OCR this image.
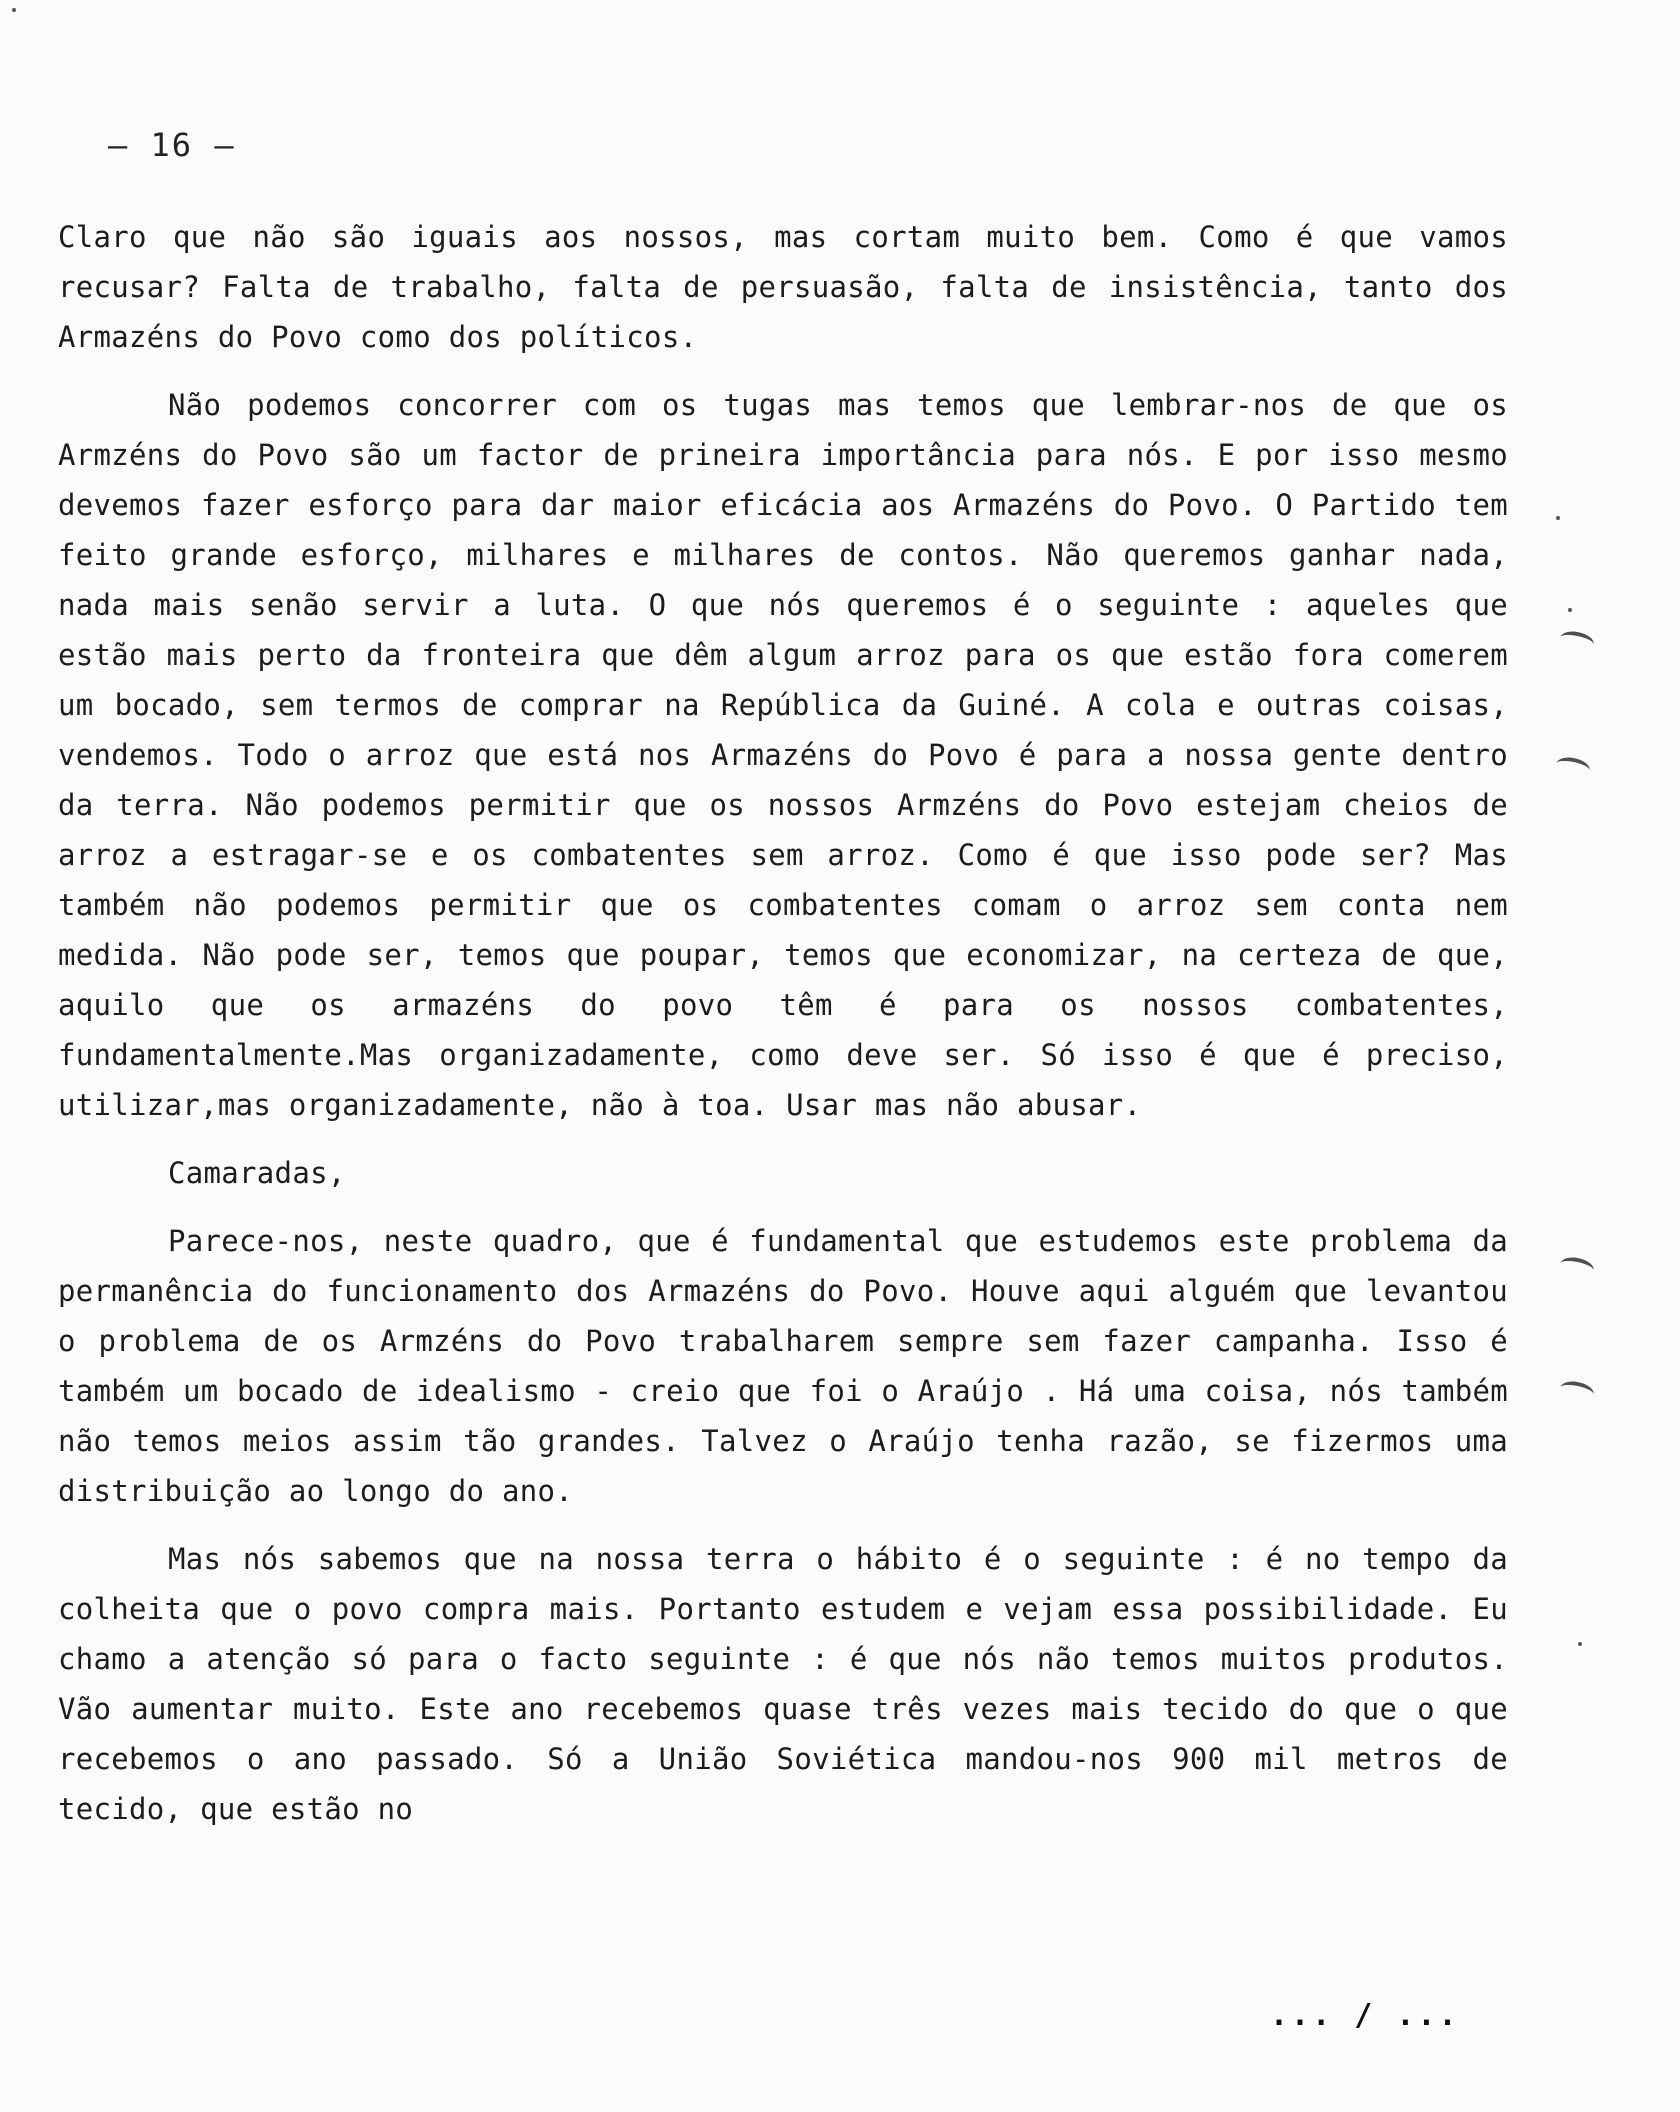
– 16 –

Claro que não são iguais aos nossos, mas cortam muito bem. Como é que vamos recusar? Falta de trabalho, falta de persuasão, falta de insistência, tanto dos Armazéns do Povo como dos políticos.

Não podemos concorrer com os tugas mas temos que lembrar-nos de que os Armzéns do Povo são um factor de prineira importância para nós. E por isso mesmo devemos fazer esforço para dar maior eficácia aos Armazéns do Povo. O Partido tem feito grande esforço, milhares e milhares de contos. Não queremos ganhar nada, nada mais senão servir a luta. O que nós queremos é o seguinte : aqueles que estão mais perto da fronteira que dêm algum arroz para os que estão fora comerem um bocado, sem termos de comprar na República da Guiné. A cola e outras coisas, vendemos. Todo o arroz que está nos Armazéns do Povo é para a nossa gente dentro da terra. Não podemos permitir que os nossos Armzéns do Povo estejam cheios de arroz a estragar-se e os combatentes sem arroz. Como é que isso pode ser? Mas também não podemos permitir que os combatentes comam o arroz sem conta nem medida. Não pode ser, temos que poupar, temos que economizar, na certeza de que, aquilo que os armazéns do povo têm é para os nossos combatentes, fundamentalmente.Mas organizadamente, como deve ser. Só isso é que é preciso, utilizar,mas organizadamente, não à toa. Usar mas não abusar.

Camaradas,

Parece-nos, neste quadro, que é fundamental que estudemos este problema da permanência do funcionamento dos Armazéns do Povo. Houve aqui alguém que levantou o problema de os Armzéns do Povo trabalharem sempre sem fazer campanha. Isso é também um bocado de idealismo - creio que foi o Araújo . Há uma coisa, nós também não temos meios assim tão grandes. Talvez o Araújo tenha razão, se fizermos uma distribuição ao longo do ano.

Mas nós sabemos que na nossa terra o hábito é o seguinte : é no tempo da colheita que o povo compra mais. Portanto estudem e vejam essa possibilidade. Eu chamo a atenção só para o facto seguinte : é que nós não temos muitos produtos. Vão aumentar muito. Este ano recebemos quase três vezes mais tecido do que o que recebemos o ano passado. Só a União Soviética mandou-nos 900 mil metros de tecido, que estão no

... / ...
